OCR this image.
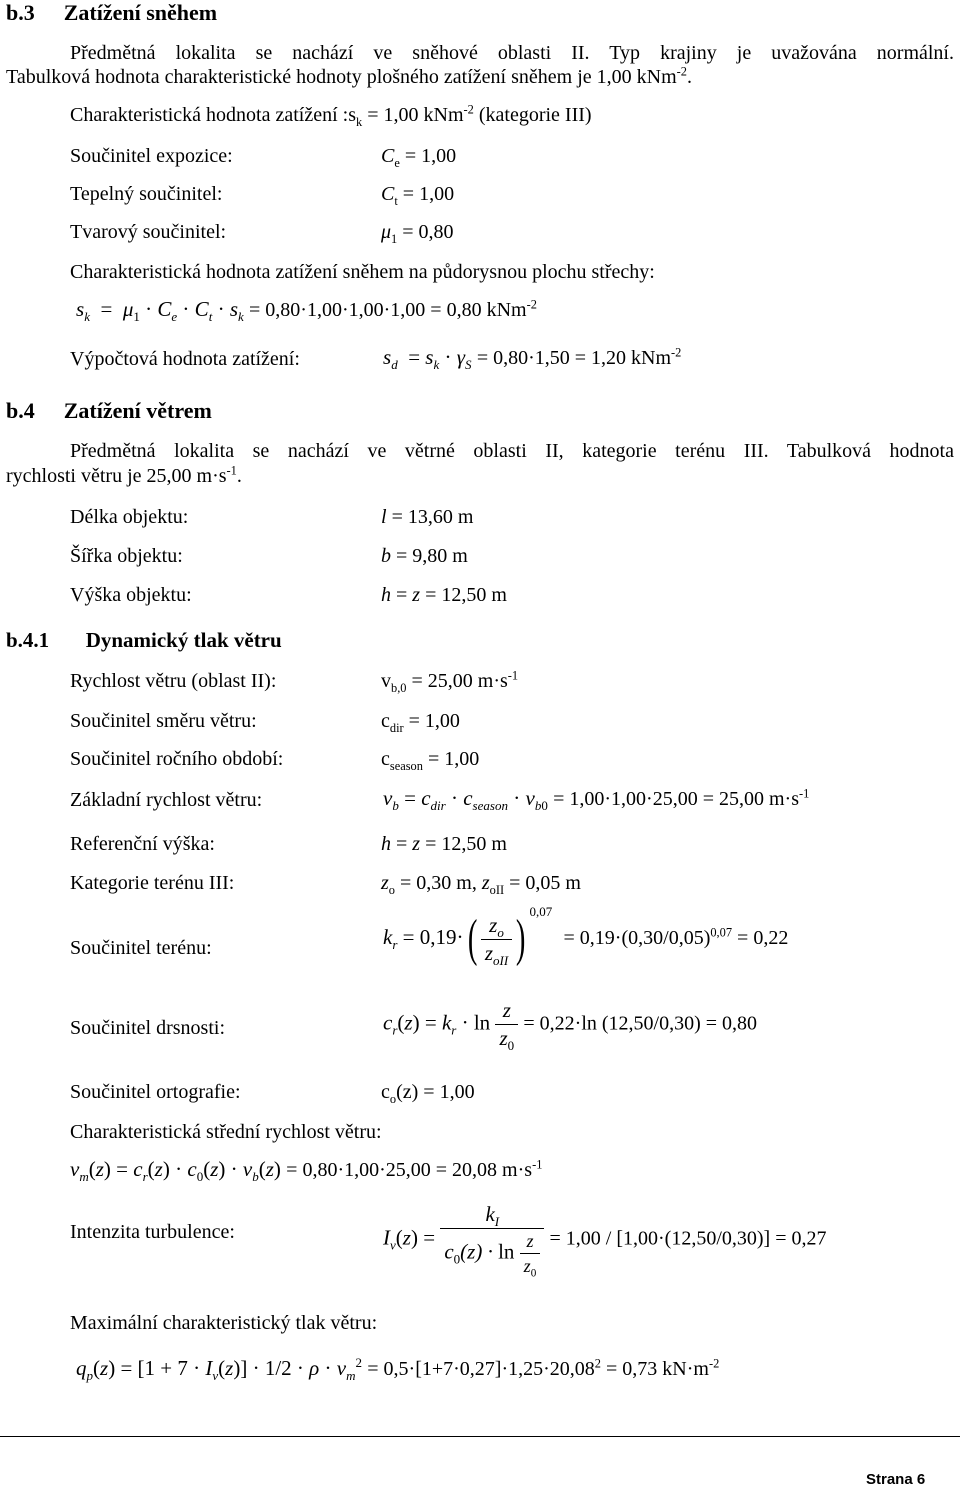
b.3 Zatížení sněhem
Předmětná lokalita se nachází ve sněhové oblasti II. Typ krajiny je uvažována normální.
Tabulková hodnota charakteristické hodnoty plošného zatížení sněhem je 1,00 kNm$^{-2}$.
Charakteristická hodnota zatížení $:s_k = 1,00$ kNm$^{-2}$ (kategorie III)
Součinitel expozice:	$C_e = 1,00$
Tepelný součinitel:	$C_t = 1,00$
Tvarový součinitel:	$\mu_1 = 0,80$
Charakteristická hodnota zatížení sněhem na půdorysnou plochu střechy:
$s_k = \mu_1 \cdot C_e \cdot C_t \cdot s_k = 0,80\cdot 1,00\cdot 1,00\cdot 1,00 = 0,80$ kNm$^{-2}$
Výpočtová hodnota zatížení:	$s_d = s_k \cdot \gamma_S = 0,80\cdot 1,50 = 1,20$ kNm$^{-2}$
b.4 Zatížení větrem
Předmětná lokalita se nachází ve větrné oblasti II, kategorie terénu III. Tabulková hodnota
rychlosti větru je 25,00 $m\cdot s^{-1}$.
Délka objektu:	l = 13,60 m
Šířka objektu:	b = 9,80 m
Výška objektu:	h = z = 12,50 m
b.4.1 Dynamický tlak větru
Rychlost větru (oblast II):	$v_{b,0} = 25,00$ $m\cdot s^{-1}$
Součinitel směru větru:	$c_{dir} = 1,00$
Součinitel ročního období:	$c_{season} = 1,00$
Základní rychlost větru:	$v_b = c_{dir} \cdot c_{season} \cdot v_{b0} = 1,00\cdot 1,00\cdot 25,00 = 25,00$ $m\cdot s^{-1}$
Referenční výška:	h = z = 12,50 m
Kategorie terénu III:	$z_o = 0,30$ m, $z_{oII} = 0,05$ m
Součinitel terénu:	$k_r = 0,19\cdot( \frac{z_o}{z_{oII}}$ ) $^{0,07} = 0,19\cdot(0,30/0,05)^{0,07} = 0,22$
Součinitel drsnosti:	$c_r(z) = k_r \cdot \ln \frac{z}{z_0} = 0,22\cdot\ln$ (12,50/0,30) = 0,80
Součinitel ortografie:	$c_o(z) = 1,00$
Charakteristická střední rychlost větru:
$v_m(z) = c_r(z) \cdot c_0(z) \cdot v_b(z) = 0,80\cdot 1,00\cdot 25,00 = 20,08$ $m\cdot s^{-1}$
Intenzita turbulence:	$I_v(z) = \frac{k_I}{c_0(z) \cdot \ln \frac{z}{z_0}} = 1,00 / [1,00\cdot(12,50/0,30)] = 0,27$
Maximální charakteristický tlak větru:
$q_p(z) = [1 + 7 \cdot I_v(z)] \cdot 1/2 \cdot \rho \cdot v_m^2 = 0,5\cdot[1+7\cdot 0,27]\cdot 1,25\cdot 20,08^2 = 0,73$ $kN\cdot m^{-2}$
Strana 6
